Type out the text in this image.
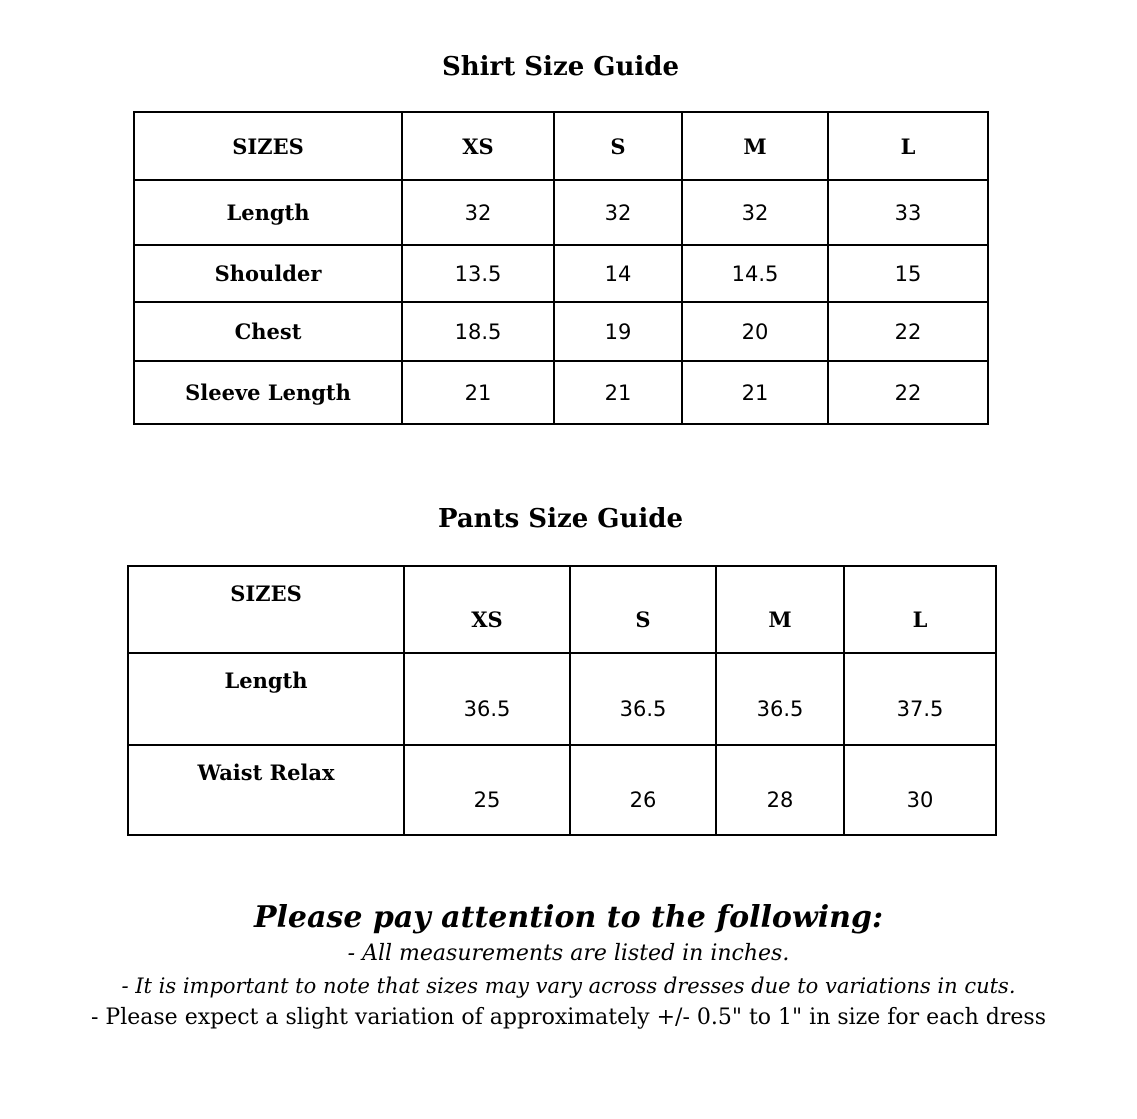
Shirt Size Guide
SIZES	XS	S	M	L
Length	32	32	32	33
Shoulder	13.5	14	14.5	15
Chest	18.5	19	20	22
Sleeve Length	21	21	21	22
Pants Size Guide
SIZES	XS	S	M	L
Length	36.5	36.5	36.5	37.5
Waist Relax	25	26	28	30

Please pay attention to the following:

- All measurements are listed in inches.

- It is important to note that sizes may vary across dresses due to variations in cuts.

- Please expect a slight variation of approximately +/- 0.5" to 1" in size for each dress
